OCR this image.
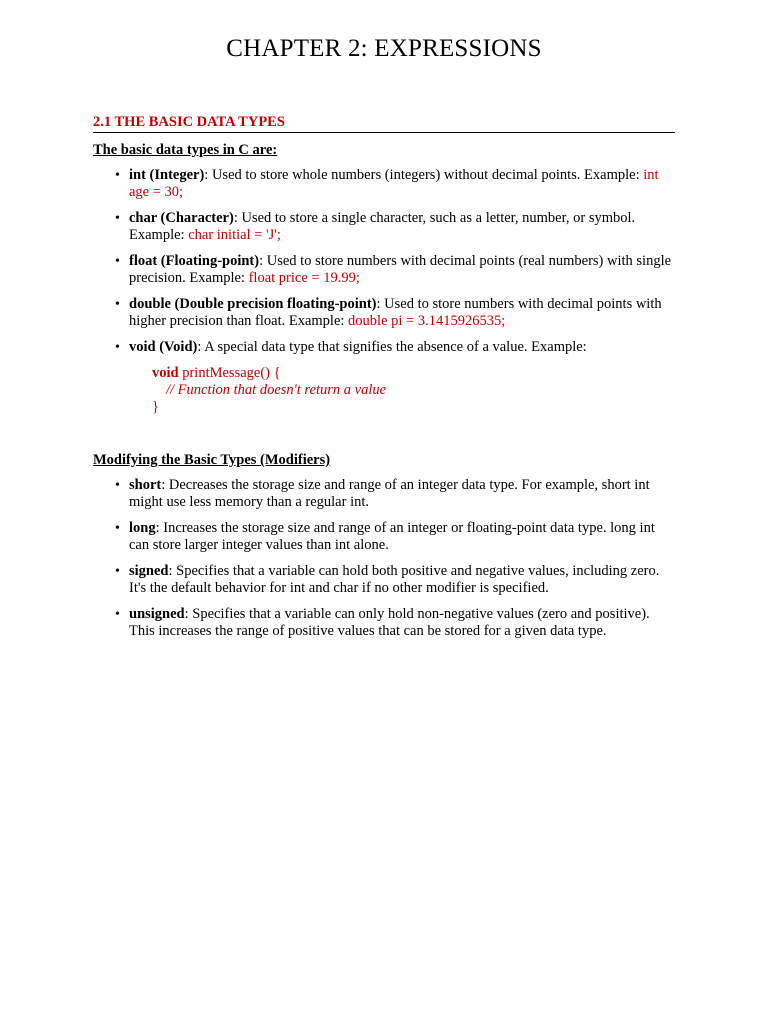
CHAPTER 2: EXPRESSIONS
2.1 THE BASIC DATA TYPES
The basic data types in C are:
• int (Integer): Used to store whole numbers (integers) without decimal points. Example: int age = 30;
• char (Character): Used to store a single character, such as a letter, number, or symbol. Example: char initial = 'J';
• float (Floating-point): Used to store numbers with decimal points (real numbers) with single precision. Example: float price = 19.99;
• double (Double precision floating-point): Used to store numbers with decimal points with higher precision than float. Example: double pi = 3.1415926535;
• void (Void): A special data type that signifies the absence of a value. Example:
void printMessage() {
// Function that doesn't return a value
}
Modifying the Basic Types (Modifiers)
• short: Decreases the storage size and range of an integer data type. For example, short int might use less memory than a regular int.
• long: Increases the storage size and range of an integer or floating-point data type. long int can store larger integer values than int alone.
• signed: Specifies that a variable can hold both positive and negative values, including zero. It's the default behavior for int and char if no other modifier is specified.
• unsigned: Specifies that a variable can only hold non-negative values (zero and positive). This increases the range of positive values that can be stored for a given data type.
